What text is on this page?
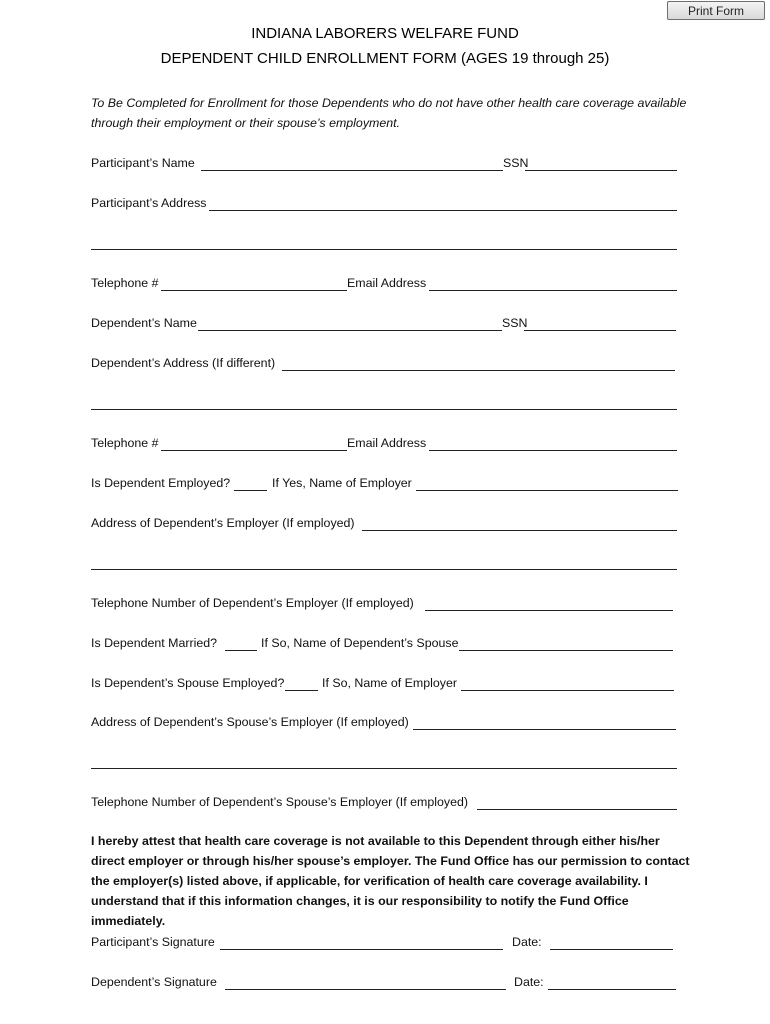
Print Form
INDIANA LABORERS WELFARE FUND
DEPENDENT CHILD ENROLLMENT FORM (AGES 19 through 25)
To Be Completed for Enrollment for those Dependents who do not have other health care coverage available through their employment or their spouse’s employment.
Participant’s Name	SSN
Participant’s Address
Telephone #	Email Address
Dependent’s Name	SSN
Dependent’s Address (If different)
Telephone #	Email Address
Is Dependent Employed?	If Yes, Name of Employer
Address of Dependent’s Employer (If employed)
Telephone Number of Dependent’s Employer (If employed)
Is Dependent Married?	If So, Name of Dependent’s Spouse
Is Dependent’s Spouse Employed?	If So, Name of Employer
Address of Dependent’s Spouse’s Employer (If employed)
Telephone Number of Dependent’s Spouse’s Employer (If employed)
I hereby attest that health care coverage is not available to this Dependent through either his/her direct employer or through his/her spouse’s employer. The Fund Office has our permission to contact the employer(s) listed above, if applicable, for verification of health care coverage availability. I understand that if this information changes, it is our responsibility to notify the Fund Office immediately.
Participant’s Signature	Date:
Dependent’s Signature	Date:
